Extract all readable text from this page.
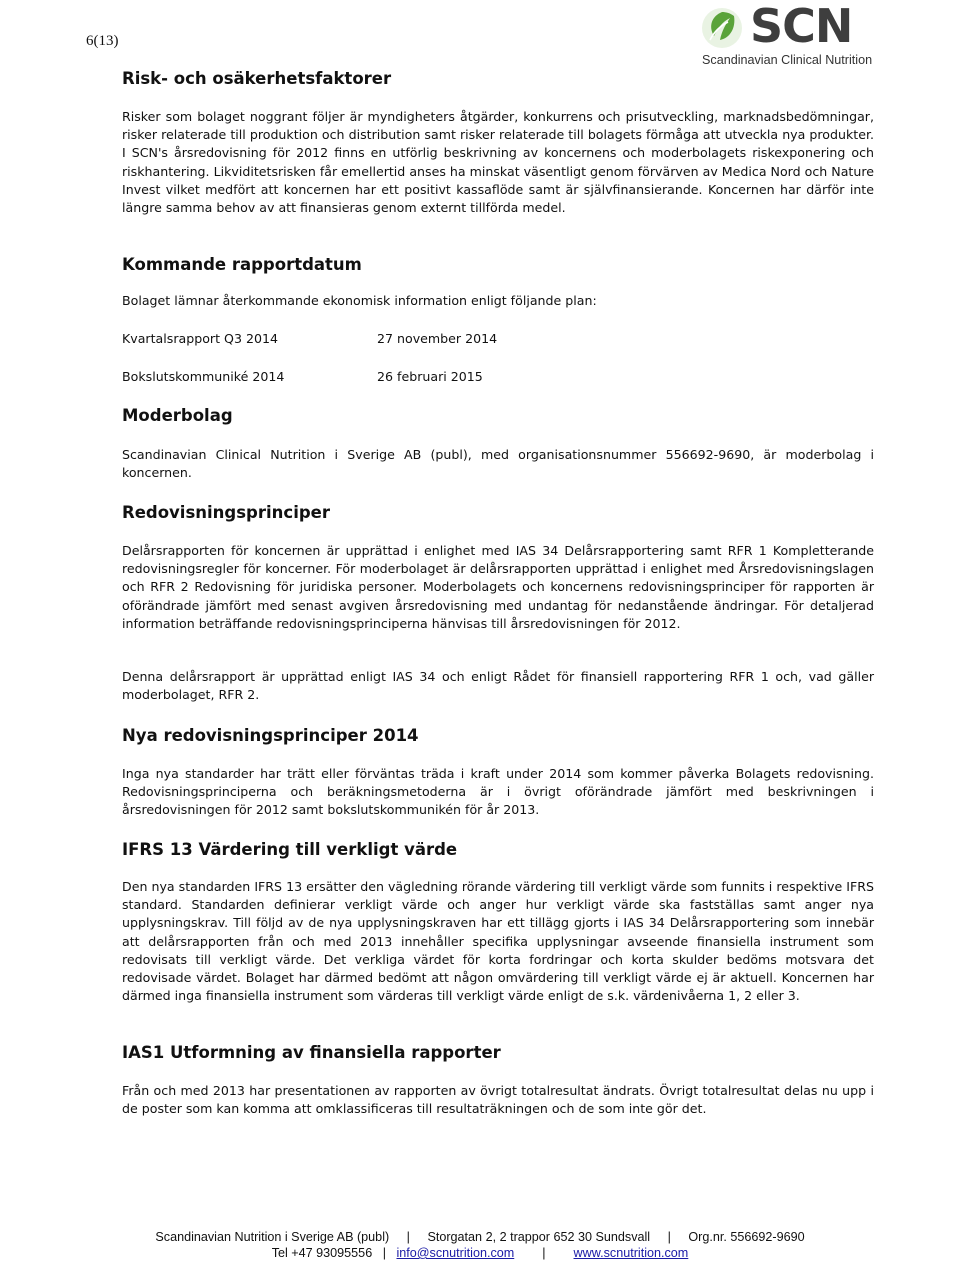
6(13)	SCN
Scandinavian Clinical Nutrition
Risk- och osäkerhetsfaktorer

Risker som bolaget noggrant följer är myndigheters åtgärder, konkurrens och prisutveckling, marknadsbedömningar, risker relaterade till produktion och distribution samt risker relaterade till bolagets förmåga att utveckla nya produkter. I SCN's årsredovisning för 2012 finns en utförlig beskrivning av koncernens och moderbolagets riskexponering och riskhantering. Likviditetsrisken får emellertid anses ha minskat väsentligt genom förvärven av Medica Nord och Nature Invest vilket medfört att koncernen har ett positivt kassaflöde samt är självfinansierande. Koncernen har därför inte längre samma behov av att finansieras genom externt tillförda medel.

Kommande rapportdatum

Bolaget lämnar återkommande ekonomisk information enligt följande plan:

Kvartalsrapport Q3 2014	27 november 2014
Bokslutskommuniké 2014	26 februari 2015
Moderbolag

Scandinavian Clinical Nutrition i Sverige AB (publ), med organisationsnummer 556692-9690, är moderbolag i koncernen.

Redovisningsprinciper

Delårsrapporten för koncernen är upprättad i enlighet med IAS 34 Delårsrapportering samt RFR 1 Kompletterande redovisningsregler för koncerner. För moderbolaget är delårsrapporten upprättad i enlighet med Årsredovisningslagen och RFR 2 Redovisning för juridiska personer. Moderbolagets och koncernens redovisningsprinciper för rapporten är oförändrade jämfört med senast avgiven årsredovisning med undantag för nedanstående ändringar. För detaljerad information beträffande redovisningsprinciperna hänvisas till årsredovisningen för 2012.

Denna delårsrapport är upprättad enligt IAS 34 och enligt Rådet för finansiell rapportering RFR 1 och, vad gäller moderbolaget, RFR 2.

Nya redovisningsprinciper 2014

Inga nya standarder har trätt eller förväntas träda i kraft under 2014 som kommer påverka Bolagets redovisning. Redovisningsprinciperna och beräkningsmetoderna är i övrigt oförändrade jämfört med beskrivningen i årsredovisningen för 2012 samt bokslutskommunikén för år 2013.

IFRS 13 Värdering till verkligt värde

Den nya standarden IFRS 13 ersätter den vägledning rörande värdering till verkligt värde som funnits i respektive IFRS standard. Standarden definierar verkligt värde och anger hur verkligt värde ska fastställas samt anger nya upplysningskrav. Till följd av de nya upplysningskraven har ett tillägg gjorts i IAS 34 Delårsrapportering som innebär att delårsrapporten från och med 2013 innehåller specifika upplysningar avseende finansiella instrument som redovisats till verkligt värde. Det verkliga värdet för korta fordringar och korta skulder bedöms motsvara det redovisade värdet. Bolaget har därmed bedömt att någon omvärdering till verkligt värde ej är aktuell. Koncernen har därmed inga finansiella instrument som värderas till verkligt värde enligt de s.k. värdenivåerna 1, 2 eller 3.

IAS1 Utformning av finansiella rapporter

Från och med 2013 har presentationen av rapporten av övrigt totalresultat ändrats. Övrigt totalresultat delas nu upp i de poster som kan komma att omklassificeras till resultaträkningen och de som inte gör det.

Scandinavian Nutrition i Sverige AB (publ)     |     Storgatan 2, 2 trappor 652 30 Sundsvall     |     Org.nr. 556692-9690
Tel +47 93095556   |   info@scnutrition.com        |        www.scnutrition.com
